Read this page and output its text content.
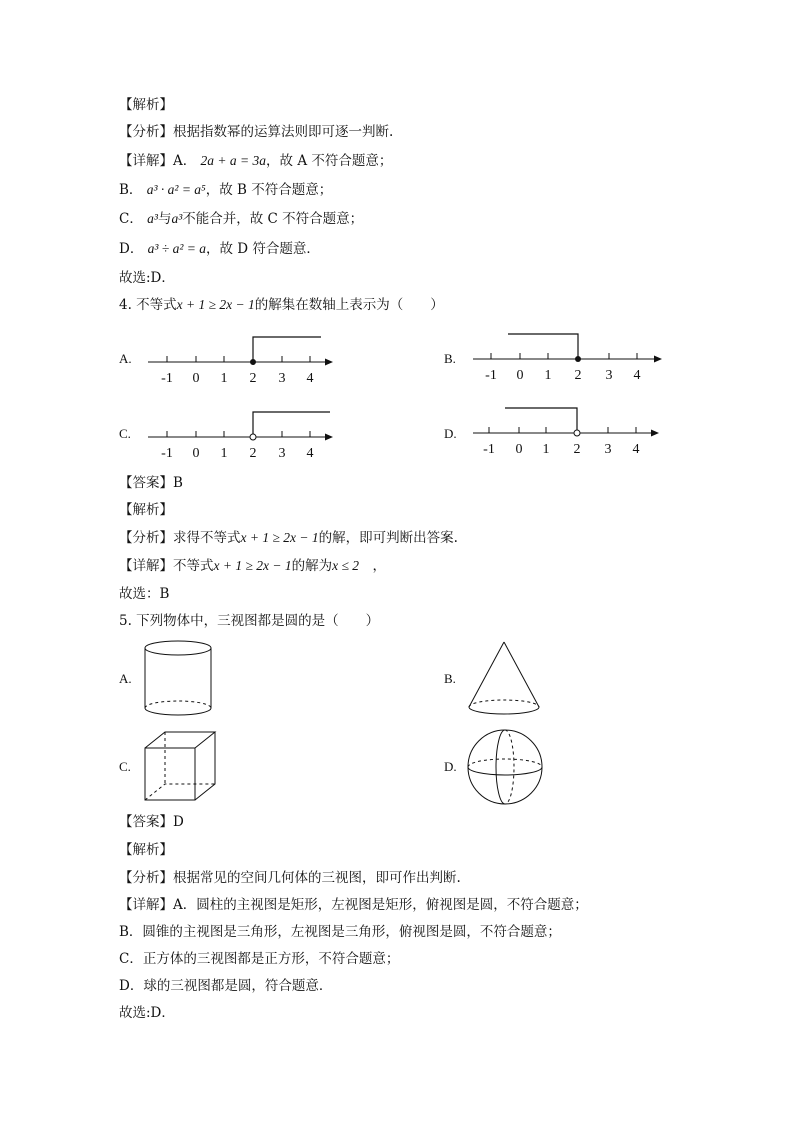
【解析】
【分析】根据指数幂的运算法则即可逐一判断.
【详解】A． 2a + a = 3a，故 A 不符合题意；
B． a³ · a² = a⁵，故 B 不符合题意；
C． a³与a³不能合并，故 C 不符合题意；
D． a³ ÷ a² = a，故 D 符合题意．
故选:D．
4. 不等式x + 1 ≥ 2x − 1的解集在数轴上表示为（　　）
A.	B.
C.	D.
-1 0 1 2 3 4	-1 0 1 2 3 4
-1 0 1 2 3 4	-1 0 1 2 3 4
【答案】B
【解析】
【分析】求得不等式x + 1 ≥ 2x − 1的解，即可判断出答案.
【详解】不等式x + 1 ≥ 2x − 1的解为x ≤ 2　，
故选：B
5. 下列物体中，三视图都是圆的是（　　）
A.	B.
C.	D.
【答案】D
【解析】
【分析】根据常见的空间几何体的三视图，即可作出判断.
【详解】A．圆柱的主视图是矩形，左视图是矩形，俯视图是圆，不符合题意；
B．圆锥的主视图是三角形，左视图是三角形，俯视图是圆，不符合题意；
C．正方体的三视图都是正方形，不符合题意；
D．球的三视图都是圆，符合题意．
故选:D．
